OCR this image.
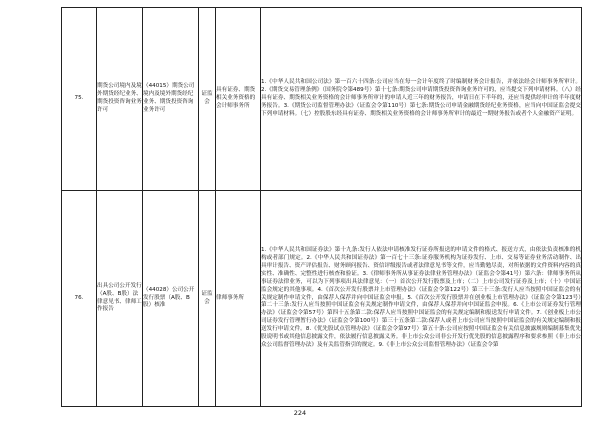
75.	期货公司境内及境外期货经纪业务、期货投资咨询业务许可	（44015）期货公司境内及境外期货经纪业务、期货投资咨询业务许可	证监会	具有证券、期货相关业务资格的会计师事务所	1.《中华人民共和国公司法》第一百六十四条:公司应当在每一会计年度终了时编制财务会计报告，并依法经会计师事务所审计。2.《期货交易管理条例》（国务院令第489号）第十七条:期货公司申请期货投资咨询业务许可的，应当提交下列申请材料。（八）经具有证券、期货相关业务资格的会计师事务所审计的申请人近三年的财务报告，申请日在下半年的，还应当提供经审计的半年度财务报告。3.《期货公司监督管理办法》（证监会令第110号）第七条:期货公司申请金融期货经纪业务资格，应当向中国证监会提交下列申请材料。（七）控股股东经具有证券、期货相关业务资格的会计师事务所审计的最近一期财务报告或者个人金融资产证明。
76.	出具公司公开发行（A股、B股）法律意见书、律师工作报告	（44028）公司公开发行股票（A股、B股）核准	证监会	律师事务所	1.《中华人民共和国证券法》第十九条:发行人依法申请核准发行证券所报送的申请文件的格式、报送方式，由依法负责核准的机构或者部门规定。2.《中华人民共和国证券法》第一百七十三条:证券服务机构为证券发行、上市、交易等证券业务活动制作、出具审计报告、资产评估报告、财务顾问报告、资信评级报告或者法律意见书等文件，应当勤勉尽责，对所依据的文件资料内容的真实性、准确性、完整性进行核查和验证。3.《律师事务所从事证券法律业务管理办法》（证监会令第41号）第六条：律师事务所从事证券法律业务，可以为下列事项出具法律意见：（一）首次公开发行股票及上市；（二）上市公司发行证券及上市；（十）中国证监会规定的其他事项。4.《首次公开发行股票并上市管理办法》（证监会令第122号）第三十三条:发行人应当按照中国证监会的有关规定制作申请文件，由保荐人保荐并向中国证监会申报。5.《首次公开发行股票并在创业板上市管理办法》（证监会令第123号）第二十三条:发行人应当按照中国证监会有关规定制作申请文件，由保荐人保荐并向中国证监会申报。6.《上市公司证券发行管理办法》（证监会令第57号）第四十五条第二款:保荐人应当按照中国证监会的有关规定编制和报送发行申请文件。7.《创业板上市公司证券发行管理暂行办法》（证监会令第100号）第三十五条第二款:保荐人或者上市公司应当按照中国证监会的有关规定编制和报送发行申请文件。8.《优先股试点管理办法》（证监会令第97号）第五十条:公司应按照中国证监会有关信息披露规则编制募集优先股说明书或其他信息披露文件，依法履行信息披露义务。非上市公众公司非公开发行优先股的信息披露程序和要求参照《非上市公众公司监督管理办法》及有关监管指引的规定。9.《非上市公众公司监督管理办法》（证监会令第
224
